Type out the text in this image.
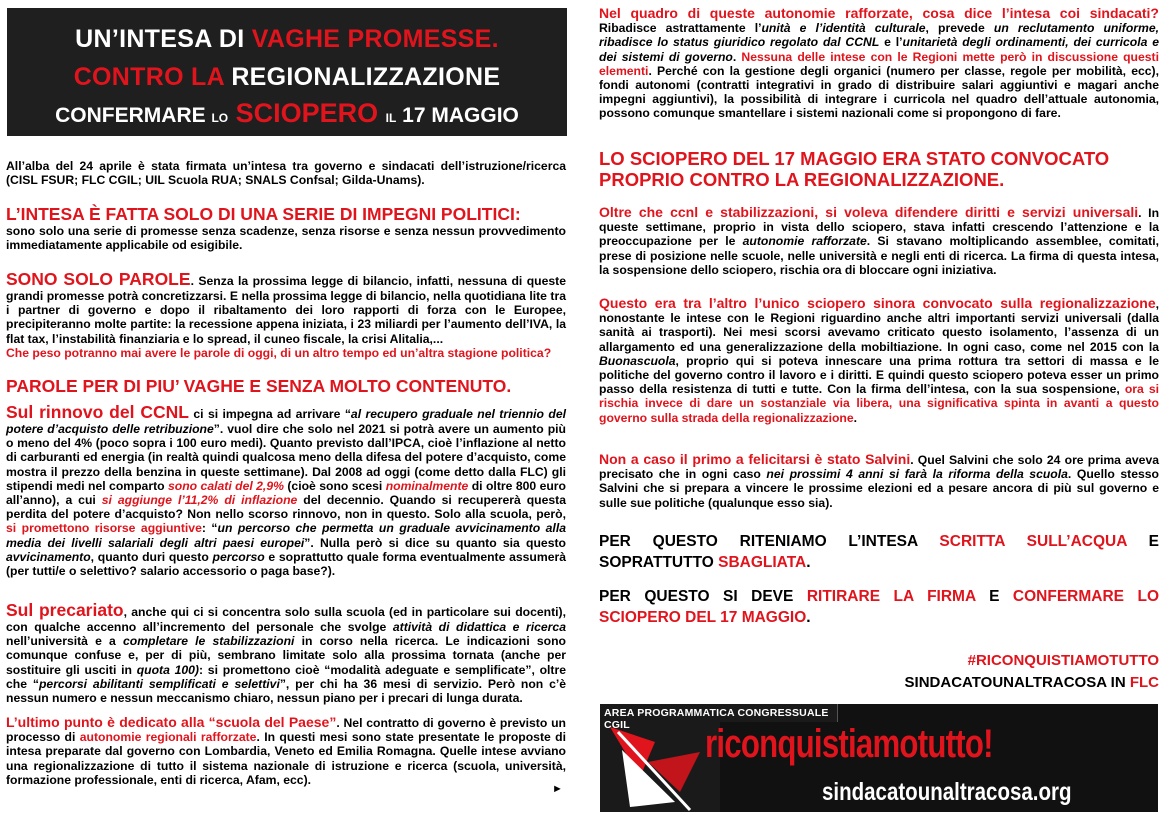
UN’INTESA DI VAGHE PROMESSE.
CONTRO LA REGIONALIZZAZIONE
CONFERMARE LO SCIOPERO IL 17 MAGGIO
All’alba del 24 aprile è stata firmata un’intesa tra governo e sindacati dell’istruzione/ricerca (CISL FSUR; FLC CGIL; UIL Scuola RUA; SNALS Confsal; Gilda-Unams).
L’INTESA È FATTA SOLO DI UNA SERIE DI IMPEGNI POLITICI:
sono solo una serie di promesse senza scadenze, senza risorse e senza nessun provvedimento immediatamente applicabile od esigibile.
SONO SOLO PAROLE. Senza la prossima legge di bilancio, infatti, nessuna di queste grandi promesse potrà concretizzarsi. E nella prossima legge di bilancio, nella quotidiana lite tra i partner di governo e dopo il ribaltamento dei loro rapporti di forza con le Europee, precipiteranno molte partite: la recessione appena iniziata, i 23 miliardi per l’aumento dell’IVA, la flat tax, l’instabilità finanziaria e lo spread, il cuneo fiscale, la crisi Alitalia,...
Che peso potranno mai avere le parole di oggi, di un altro tempo ed un’altra stagione politica?
PAROLE PER DI PIU’ VAGHE E SENZA MOLTO CONTENUTO.
Sul rinnovo del CCNL ci si impegna ad arrivare “al recupero graduale nel triennio del potere d’acquisto delle retribuzione”. vuol dire che solo nel 2021 si potrà avere un aumento più o meno del 4% (poco sopra i 100 euro medi). Quanto previsto dall’IPCA, cioè l’inflazione al netto di carburanti ed energia (in realtà quindi qualcosa meno della difesa del potere d’acquisto, come mostra il prezzo della benzina in queste settimane). Dal 2008 ad oggi (come detto dalla FLC) gli stipendi medi nel comparto sono calati del 2,9% (cioè sono scesi nominalmente di oltre 800 euro all’anno), a cui si aggiunge l’11,2% di inflazione del decennio. Quando si recupererà questa perdita del potere d’acquisto? Non nello scorso rinnovo, non in questo. Solo alla scuola, però, si promettono risorse aggiuntive: “un percorso che permetta un graduale avvicinamento alla media dei livelli salariali degli altri paesi europei”. Nulla però si dice su quanto sia questo avvicinamento, quanto duri questo percorso e soprattutto quale forma eventualmente assumerà (per tutti/e o selettivo? salario accessorio o paga base?).
Sul precariato, anche qui ci si concentra solo sulla scuola (ed in particolare sui docenti), con qualche accenno all’incremento del personale che svolge attività di didattica e ricerca nell’università e a completare le stabilizzazioni in corso nella ricerca. Le indicazioni sono comunque confuse e, per di più, sembrano limitate solo alla prossima tornata (anche per sostituire gli usciti in quota 100): si promettono cioè “modalità adeguate e semplificate”, oltre che “percorsi abilitanti semplificati e selettivi”, per chi ha 36 mesi di servizio. Però non c’è nessun numero e nessun meccanismo chiaro, nessun piano per i precari di lunga durata.
L’ultimo punto è dedicato alla “scuola del Paese”. Nel contratto di governo è previsto un processo di autonomie regionali rafforzate. In questi mesi sono state presentate le proposte di intesa preparate dal governo con Lombardia, Veneto ed Emilia Romagna. Quelle intese avviano una regionalizzazione di tutto il sistema nazionale di istruzione e ricerca (scuola, università, formazione professionale, enti di ricerca, Afam, ecc).
►
Nel quadro di queste autonomie rafforzate, cosa dice l’intesa coi sindacati? Ribadisce astrattamente l’unità e l’identità culturale, prevede un reclutamento uniforme, ribadisce lo status giuridico regolato dal CCNL e l’unitarietà degli ordinamenti, dei curricola e dei sistemi di governo. Nessuna delle intese con le Regioni mette però in discussione questi elementi. Perché con la gestione degli organici (numero per classe, regole per mobilità, ecc), fondi autonomi (contratti integrativi in grado di distribuire salari aggiuntivi e magari anche impegni aggiuntivi), la possibilità di integrare i curricola nel quadro dell’attuale autonomia, possono comunque smantellare i sistemi nazionali come si propongono di fare.
LO SCIOPERO DEL 17 MAGGIO ERA STATO CONVOCATO PROPRIO CONTRO LA REGIONALIZZAZIONE.
Oltre che ccnl e stabilizzazioni, si voleva difendere diritti e servizi universali. In queste settimane, proprio in vista dello sciopero, stava infatti crescendo l’attenzione e la preoccupazione per le autonomie rafforzate. Si stavano moltiplicando assemblee, comitati, prese di posizione nelle scuole, nelle università e negli enti di ricerca. La firma di questa intesa, la sospensione dello sciopero, rischia ora di bloccare ogni iniziativa.
Questo era tra l’altro l’unico sciopero sinora convocato sulla regionalizzazione, nonostante le intese con le Regioni riguardino anche altri importanti servizi universali (dalla sanità ai trasporti). Nei mesi scorsi avevamo criticato questo isolamento, l’assenza di un allargamento ed una generalizzazione della mobiltiazione. In ogni caso, come nel 2015 con la Buonascuola, proprio qui si poteva innescare una prima rottura tra settori di massa e le politiche del governo contro il lavoro e i diritti. E quindi questo sciopero poteva esser un primo passo della resistenza di tutti e tutte. Con la firma dell’intesa, con la sua sospensione, ora si rischia invece di dare un sostanziale via libera, una significativa spinta in avanti a questo governo sulla strada della regionalizzazione.
Non a caso il primo a felicitarsi è stato Salvini. Quel Salvini che solo 24 ore prima aveva precisato che in ogni caso nei prossimi 4 anni si farà la riforma della scuola. Quello stesso Salvini che si prepara a vincere le prossime elezioni ed a pesare ancora di più sul governo e sulle sue politiche (qualunque esso sia).
PER QUESTO RITENIAMO L’INTESA SCRITTA SULL’ACQUA E SOPRATTUTTO SBAGLIATA.
PER QUESTO SI DEVE RITIRARE LA FIRMA E CONFERMARE LO SCIOPERO DEL 17 MAGGIO.
#RICONQUISTIAMOTUTTO
SINDACATOUNALTRACOSA IN FLC
AREA PROGRAMMATICA CONGRESSUALE CGIL	riconquistiamotutto!
sindacatounaltracosa.org
